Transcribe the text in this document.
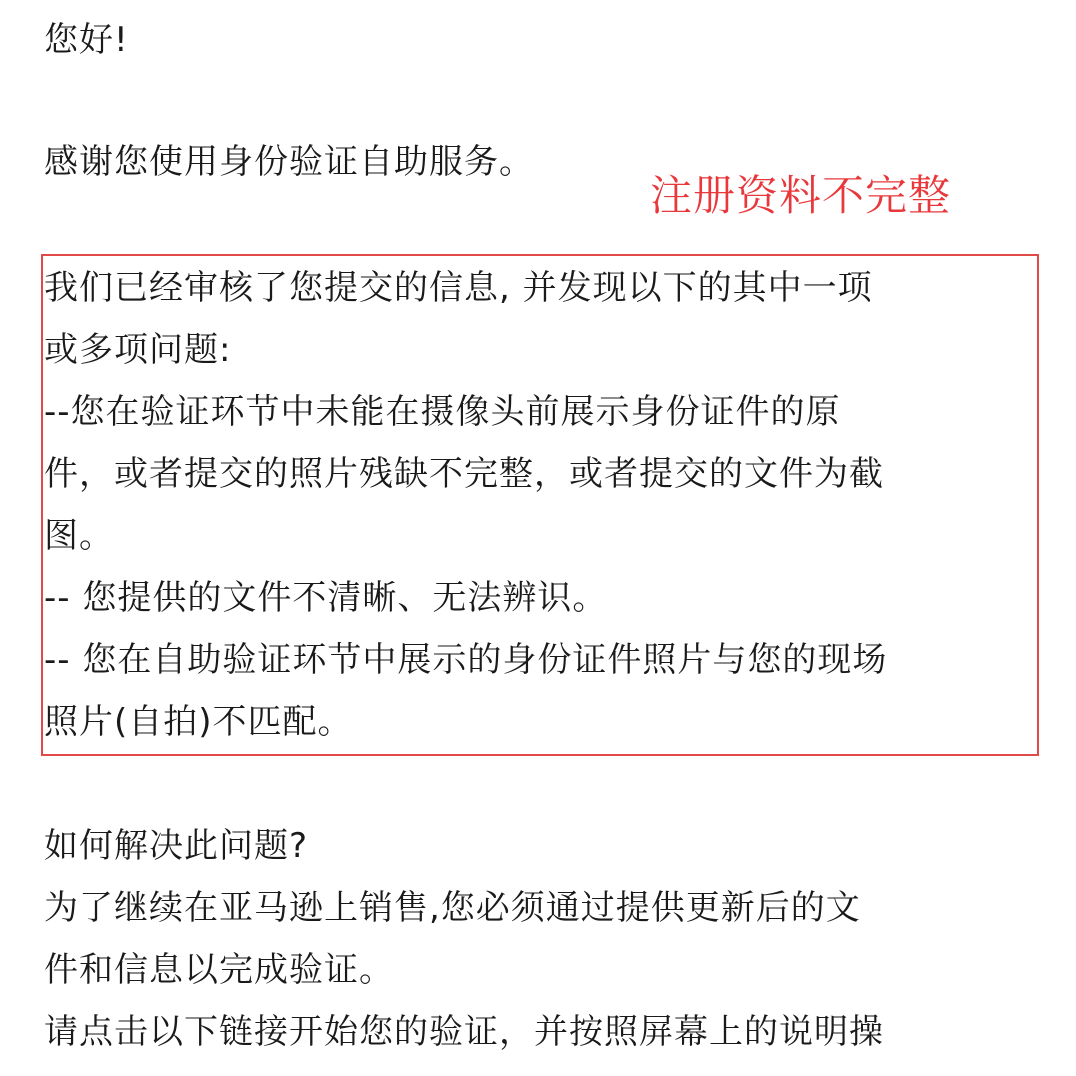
您好!

感谢您使用身份验证自助服务。

注册资料不完整

我们已经审核了您提交的信息, 并发现以下的其中一项

或多项问题:

--您在验证环节中未能在摄像头前展示身份证件的原

件，或者提交的照片残缺不完整，或者提交的文件为截

图。

-- 您提供的文件不清晰、无法辨识。

-- 您在自助验证环节中展示的身份证件照片与您的现场

照片(自拍)不匹配。

如何解决此问题?

为了继续在亚马逊上销售,您必须通过提供更新后的文

件和信息以完成验证。

请点击以下链接开始您的验证，并按照屏幕上的说明操
